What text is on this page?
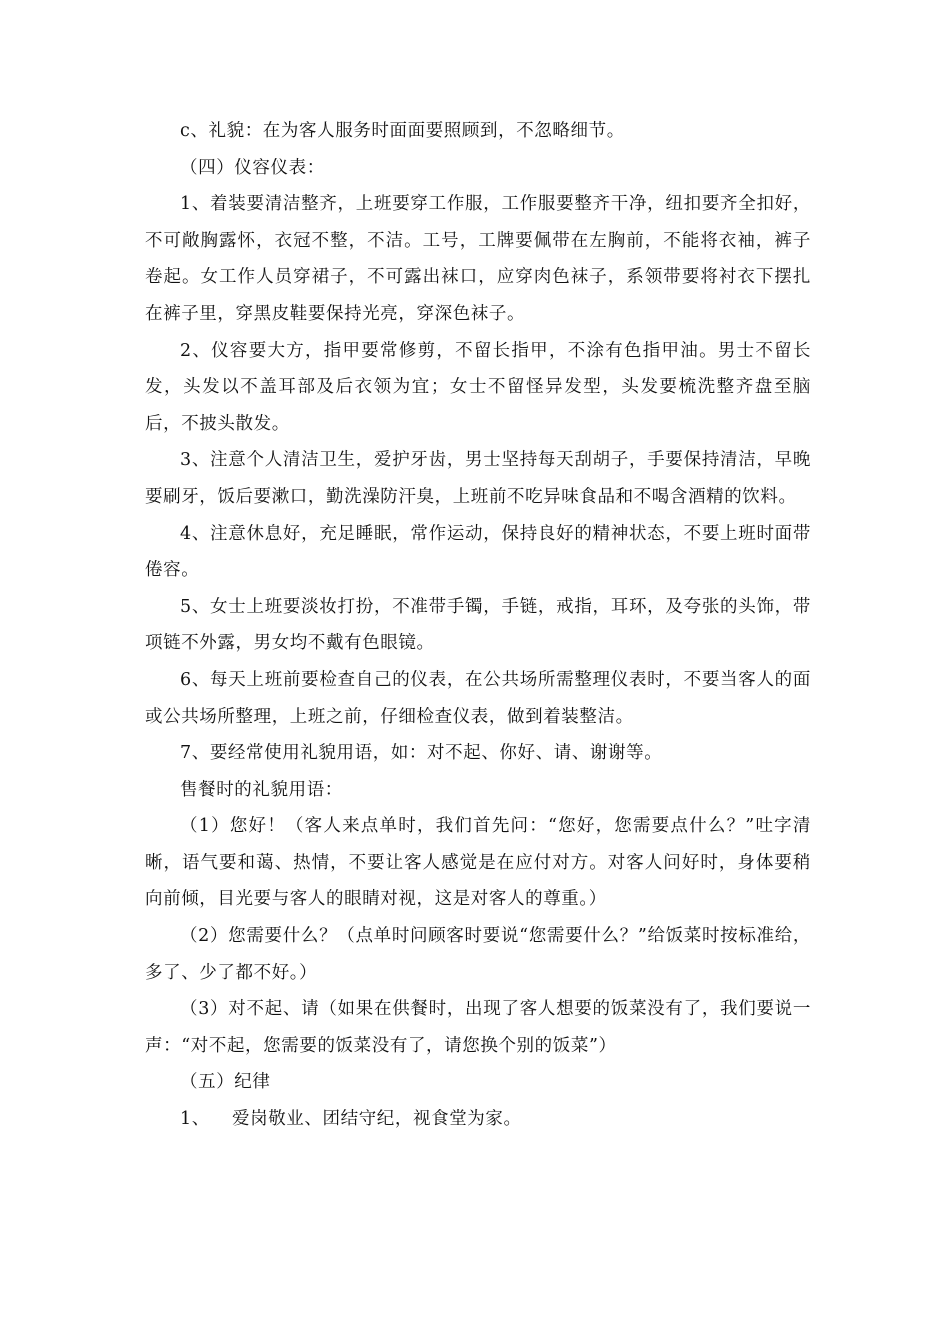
c、礼貌：在为客人服务时面面要照顾到，不忽略细节。

（四）仪容仪表：

1、着装要清洁整齐，上班要穿工作服，工作服要整齐干净，纽扣要齐全扣好，不可敞胸露怀，衣冠不整，不洁。工号，工牌要佩带在左胸前，不能将衣袖，裤子卷起。女工作人员穿裙子，不可露出袜口，应穿肉色袜子，系领带要将衬衣下摆扎在裤子里，穿黑皮鞋要保持光亮，穿深色袜子。

2、仪容要大方，指甲要常修剪，不留长指甲，不涂有色指甲油。男士不留长发，头发以不盖耳部及后衣领为宜；女士不留怪异发型，头发要梳洗整齐盘至脑后，不披头散发。

3、注意个人清洁卫生，爱护牙齿，男士坚持每天刮胡子，手要保持清洁，早晚要刷牙，饭后要漱口，勤洗澡防汗臭，上班前不吃异味食品和不喝含酒精的饮料。

4、注意休息好，充足睡眠，常作运动，保持良好的精神状态，不要上班时面带倦容。

5、女士上班要淡妆打扮，不准带手镯，手链，戒指，耳环，及夸张的头饰，带项链不外露，男女均不戴有色眼镜。

6、每天上班前要检查自己的仪表，在公共场所需整理仪表时，不要当客人的面或公共场所整理，上班之前，仔细检查仪表，做到着装整洁。

7、要经常使用礼貌用语，如：对不起、你好、请、谢谢等。

售餐时的礼貌用语：

（1）您好！（客人来点单时，我们首先问：“您好，您需要点什么？”吐字清晰，语气要和蔼、热情，不要让客人感觉是在应付对方。对客人问好时，身体要稍向前倾，目光要与客人的眼睛对视，这是对客人的尊重。）

（2）您需要什么？（点单时问顾客时要说“您需要什么？”给饭菜时按标准给，多了、少了都不好。）

（3）对不起、请（如果在供餐时，出现了客人想要的饭菜没有了，我们要说一声：“对不起，您需要的饭菜没有了，请您换个别的饭菜”）

（五）纪律

1、 爱岗敬业、团结守纪，视食堂为家。
